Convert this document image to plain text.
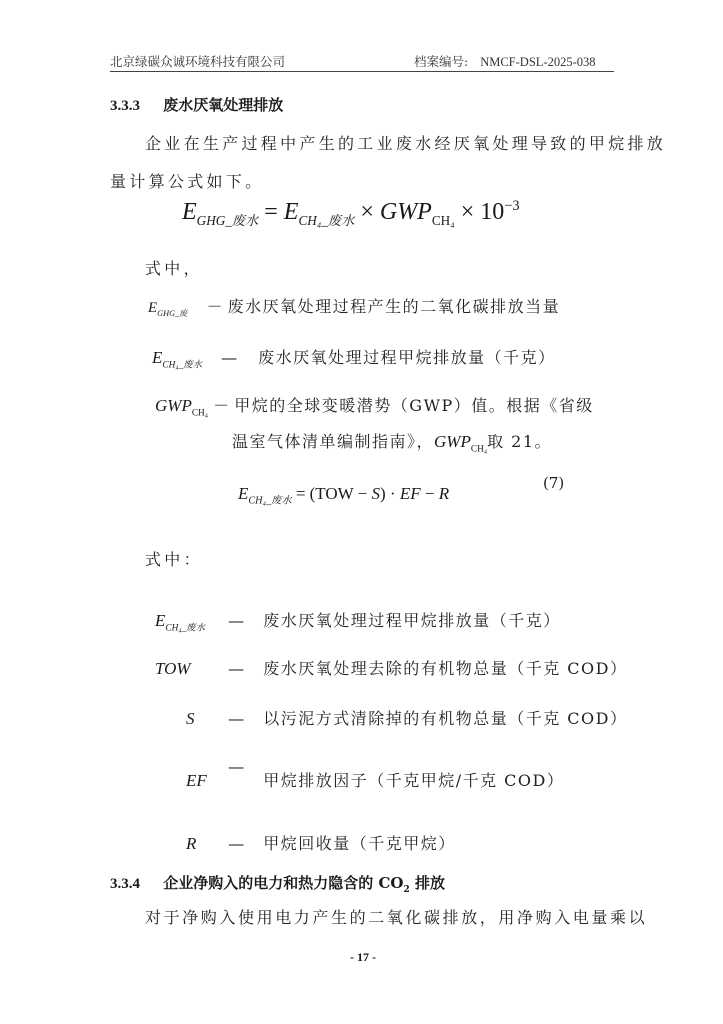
北京绿碳众诚环境科技有限公司	档案编号: NMCF-DSL-2025-038
3.3.3 废水厌氧处理排放
企业在生产过程中产生的工业废水经厌氧处理导致的甲烷排放
量计算公式如下。
$E_{GHG\_废水} = E_{CH_4\_废水} \times GWP_{CH_4} \times 10^{-3}$
式中，
$E_{GHG\_废}$ － 废水厌氧处理过程产生的二氧化碳排放当量
$E_{CH_4\_废水}$ — 废水厌氧处理过程甲烷排放量（千克）
$GWP_{CH_4}$ － 甲烷的全球变暖潜势（GWP）值。根据《省级
温室气体清单编制指南》，$GWP_{CH_4}$取 21。
$E_{CH_4\_废水} = (TOW - S)$ · EF − R
(7)
式中：
$E_{CH_4\_废水}$ — 废水厌氧处理过程甲烷排放量（千克）
TOW — 废水厌氧处理去除的有机物总量（千克 COD）
S — 以污泥方式清除掉的有机物总量（千克 COD）
EF — 甲烷排放因子（千克甲烷/千克 COD）
R — 甲烷回收量（千克甲烷）
3.3.4 企业净购入的电力和热力隐含的 $CO_2$ 排放
对于净购入使用电力产生的二氧化碳排放，用净购入电量乘以
- 17 -
